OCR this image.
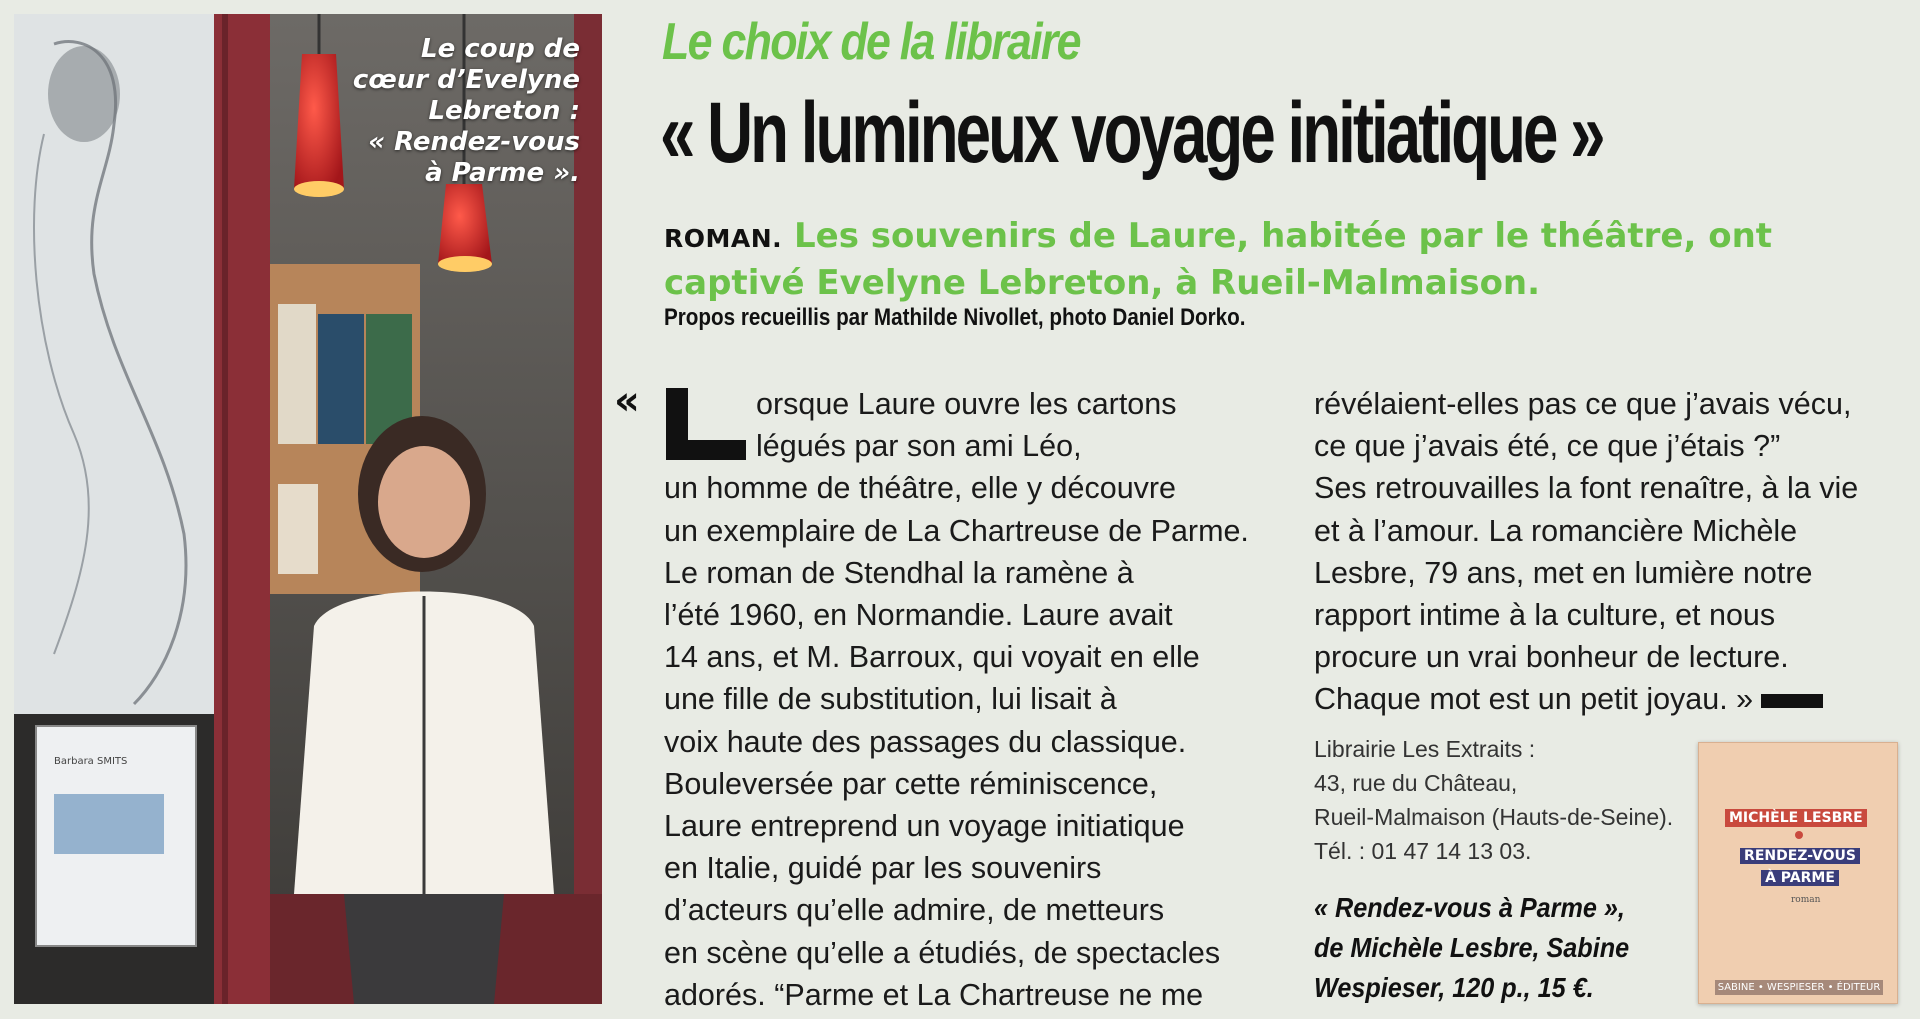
Barbara SMITS
Le coup de
cœur d’Evelyne
Lebreton :
« Rendez-vous
à Parme ».
Le choix de la libraire
« Un lumineux voyage initiatique »

ROMAN. Les souvenirs de Laure, habitée par le théâtre, ont captivé Evelyne Lebreton, à Rueil-Malmaison.

Propos recueillis par Mathilde Nivollet, photo Daniel Dorko.
«	orsque Laure ouvre les cartons
légués par son ami Léo,
un homme de théâtre, elle y découvre
un exemplaire de La Chartreuse de Parme.
Le roman de Stendhal la ramène à
l’été 1960, en Normandie. Laure avait
14 ans, et M. Barroux, qui voyait en elle
une fille de substitution, lui lisait à
voix haute des passages du classique.
Bouleversée par cette réminiscence,
Laure entreprend un voyage initiatique
en Italie, guidé par les souvenirs
d’acteurs qu’elle admire, de metteurs
en scène qu’elle a étudiés, de spectacles
adorés. “Parme et La Chartreuse ne me
révélaient-elles pas ce que j’avais vécu,
ce que j’avais été, ce que j’étais ?”
Ses retrouvailles la font renaître, à la vie
et à l’amour. La romancière Michèle
Lesbre, 79 ans, met en lumière notre
rapport intime à la culture, et nous
procure un vrai bonheur de lecture.
Chaque mot est un petit joyau. »
Librairie Les Extraits :
43, rue du Château,
Rueil-Malmaison (Hauts-de-Seine).
Tél. : 01 47 14 13 03.
« Rendez-vous à Parme »,
de Michèle Lesbre, Sabine
Wespieser, 120 p., 15 €.
MICHÈLE LESBRE
RENDEZ-VOUS
À PARME
roman
SABINE • WESPIESER • ÉDITEUR
